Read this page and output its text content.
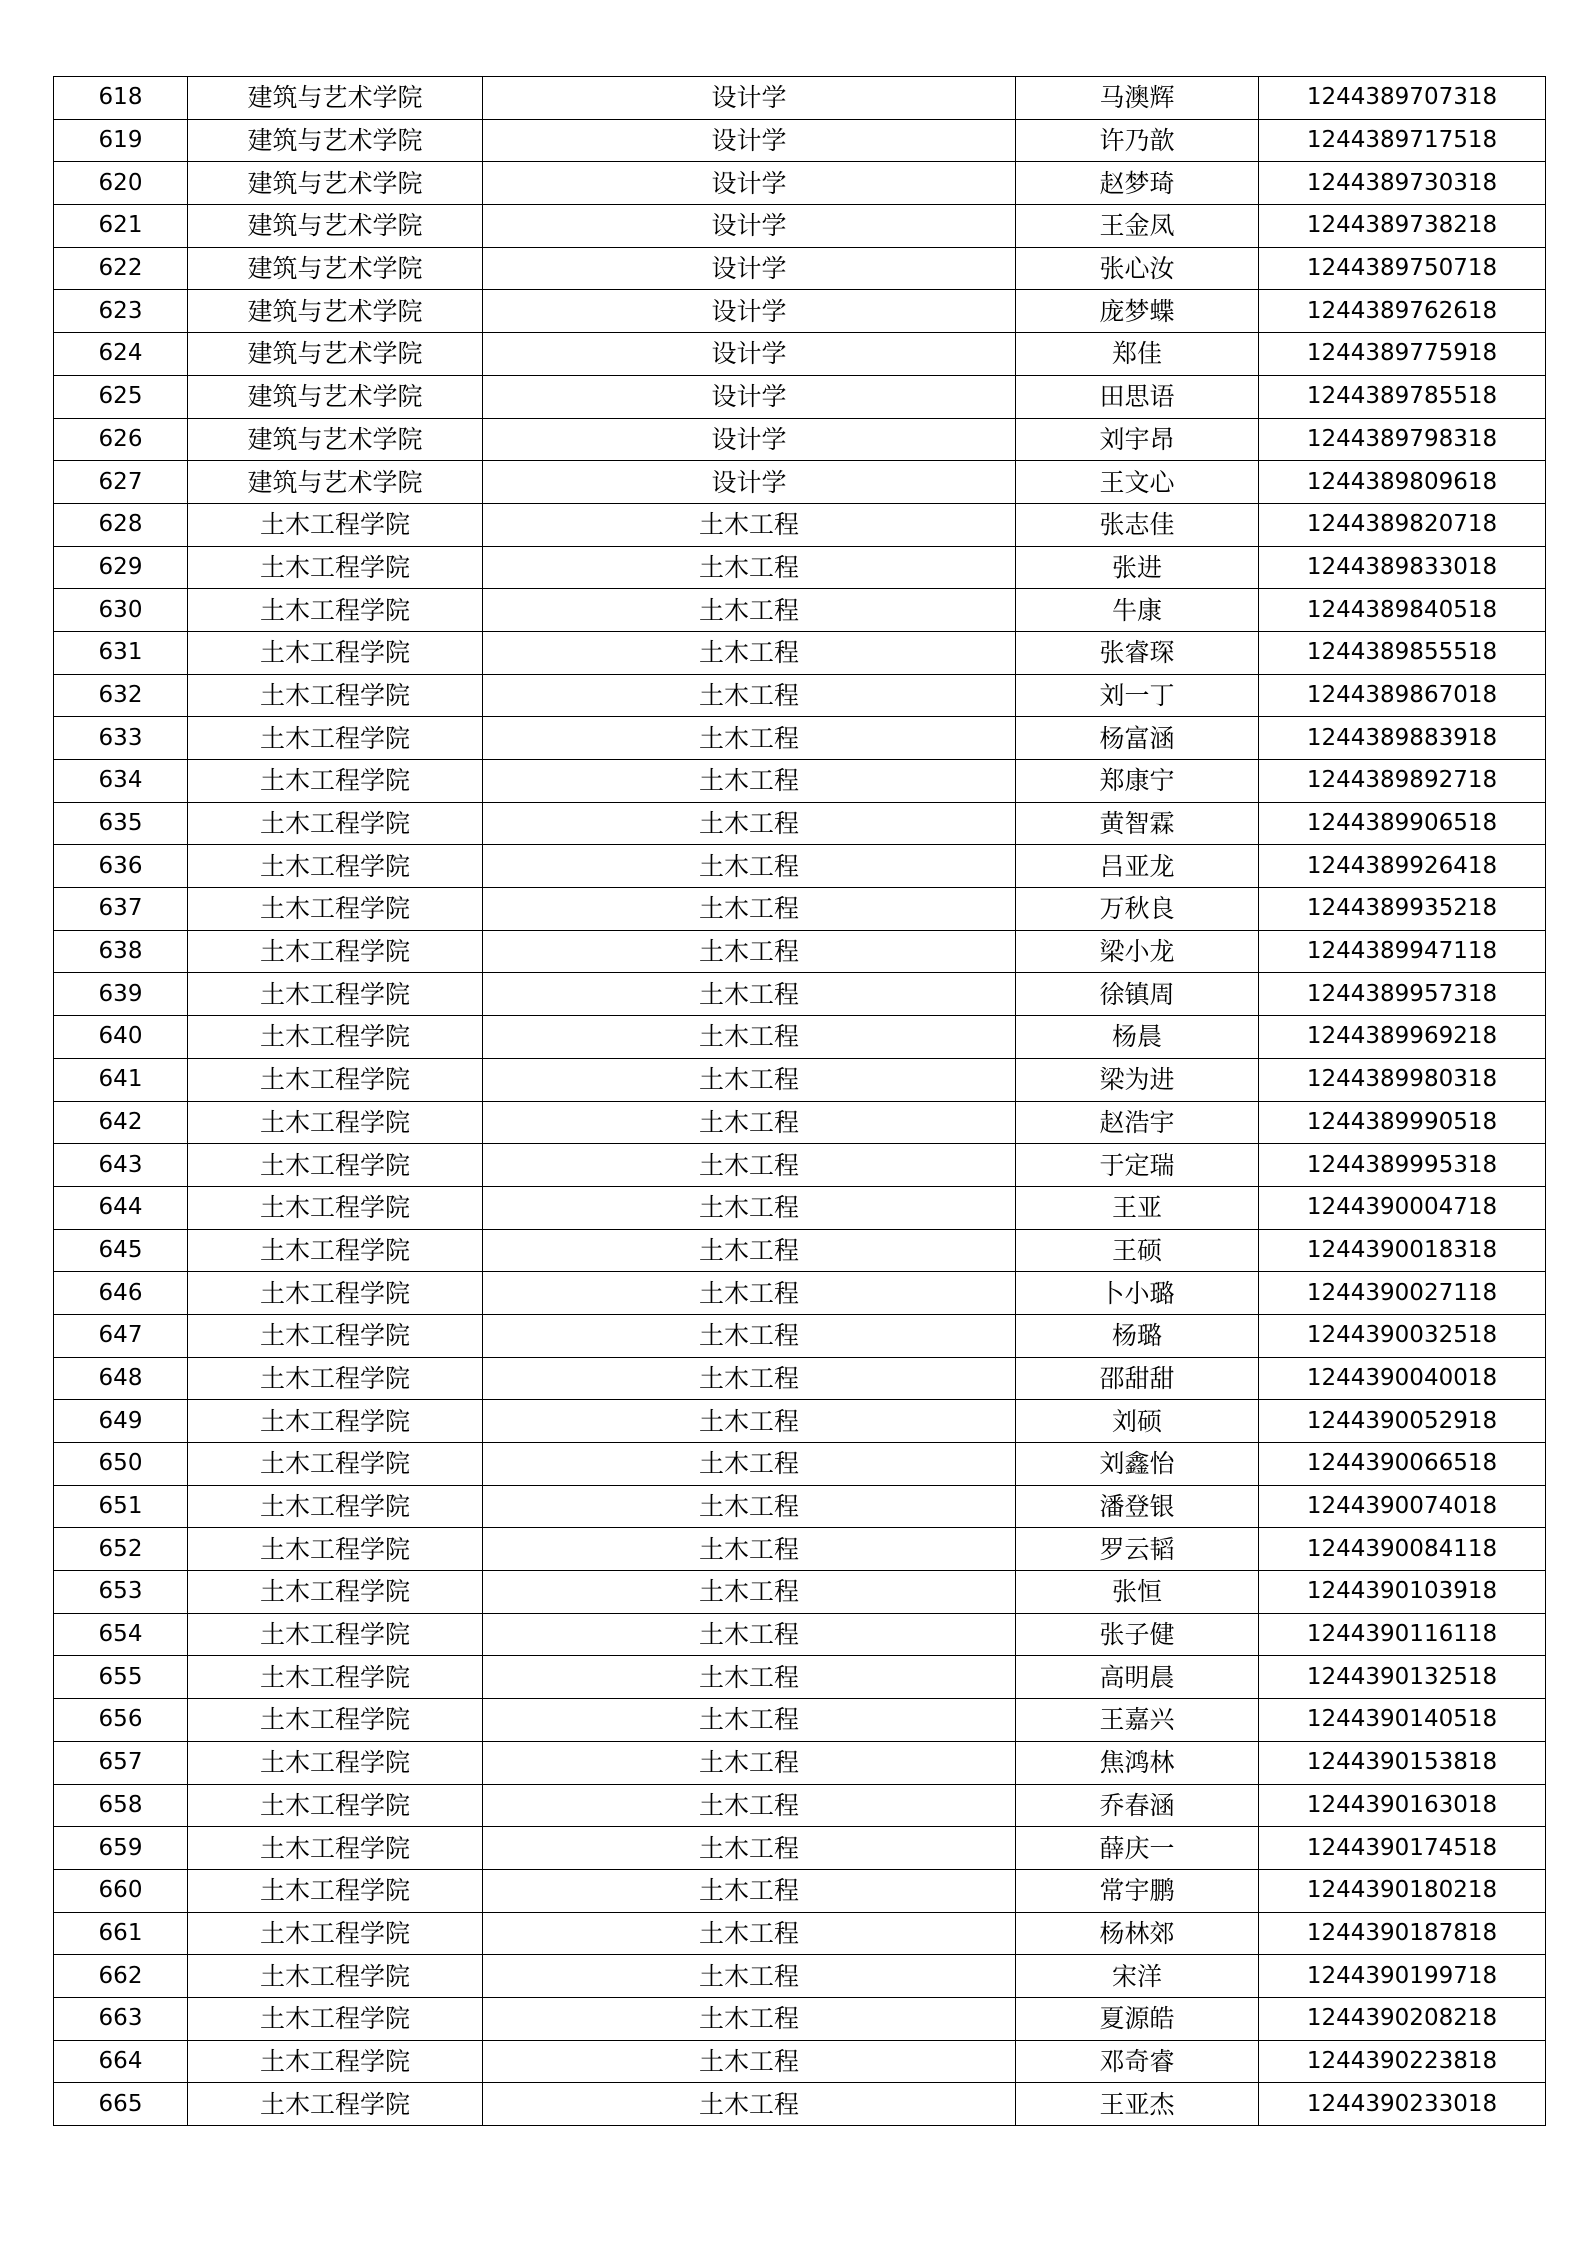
618	建筑与艺术学院	设计学	马澳辉	1244389707318
619	建筑与艺术学院	设计学	许乃歆	1244389717518
620	建筑与艺术学院	设计学	赵梦琦	1244389730318
621	建筑与艺术学院	设计学	王金凤	1244389738218
622	建筑与艺术学院	设计学	张心汝	1244389750718
623	建筑与艺术学院	设计学	庞梦蝶	1244389762618
624	建筑与艺术学院	设计学	郑佳	1244389775918
625	建筑与艺术学院	设计学	田思语	1244389785518
626	建筑与艺术学院	设计学	刘宇昂	1244389798318
627	建筑与艺术学院	设计学	王文心	1244389809618
628	土木工程学院	土木工程	张志佳	1244389820718
629	土木工程学院	土木工程	张进	1244389833018
630	土木工程学院	土木工程	牛康	1244389840518
631	土木工程学院	土木工程	张睿琛	1244389855518
632	土木工程学院	土木工程	刘一丁	1244389867018
633	土木工程学院	土木工程	杨富涵	1244389883918
634	土木工程学院	土木工程	郑康宁	1244389892718
635	土木工程学院	土木工程	黄智霖	1244389906518
636	土木工程学院	土木工程	吕亚龙	1244389926418
637	土木工程学院	土木工程	万秋良	1244389935218
638	土木工程学院	土木工程	梁小龙	1244389947118
639	土木工程学院	土木工程	徐镇周	1244389957318
640	土木工程学院	土木工程	杨晨	1244389969218
641	土木工程学院	土木工程	梁为进	1244389980318
642	土木工程学院	土木工程	赵浩宇	1244389990518
643	土木工程学院	土木工程	于定瑞	1244389995318
644	土木工程学院	土木工程	王亚	1244390004718
645	土木工程学院	土木工程	王硕	1244390018318
646	土木工程学院	土木工程	卜小璐	1244390027118
647	土木工程学院	土木工程	杨璐	1244390032518
648	土木工程学院	土木工程	邵甜甜	1244390040018
649	土木工程学院	土木工程	刘硕	1244390052918
650	土木工程学院	土木工程	刘鑫怡	1244390066518
651	土木工程学院	土木工程	潘登银	1244390074018
652	土木工程学院	土木工程	罗云韬	1244390084118
653	土木工程学院	土木工程	张恒	1244390103918
654	土木工程学院	土木工程	张子健	1244390116118
655	土木工程学院	土木工程	高明晨	1244390132518
656	土木工程学院	土木工程	王嘉兴	1244390140518
657	土木工程学院	土木工程	焦鸿林	1244390153818
658	土木工程学院	土木工程	乔春涵	1244390163018
659	土木工程学院	土木工程	薛庆一	1244390174518
660	土木工程学院	土木工程	常宇鹏	1244390180218
661	土木工程学院	土木工程	杨林郊	1244390187818
662	土木工程学院	土木工程	宋洋	1244390199718
663	土木工程学院	土木工程	夏源皓	1244390208218
664	土木工程学院	土木工程	邓奇睿	1244390223818
665	土木工程学院	土木工程	王亚杰	1244390233018
